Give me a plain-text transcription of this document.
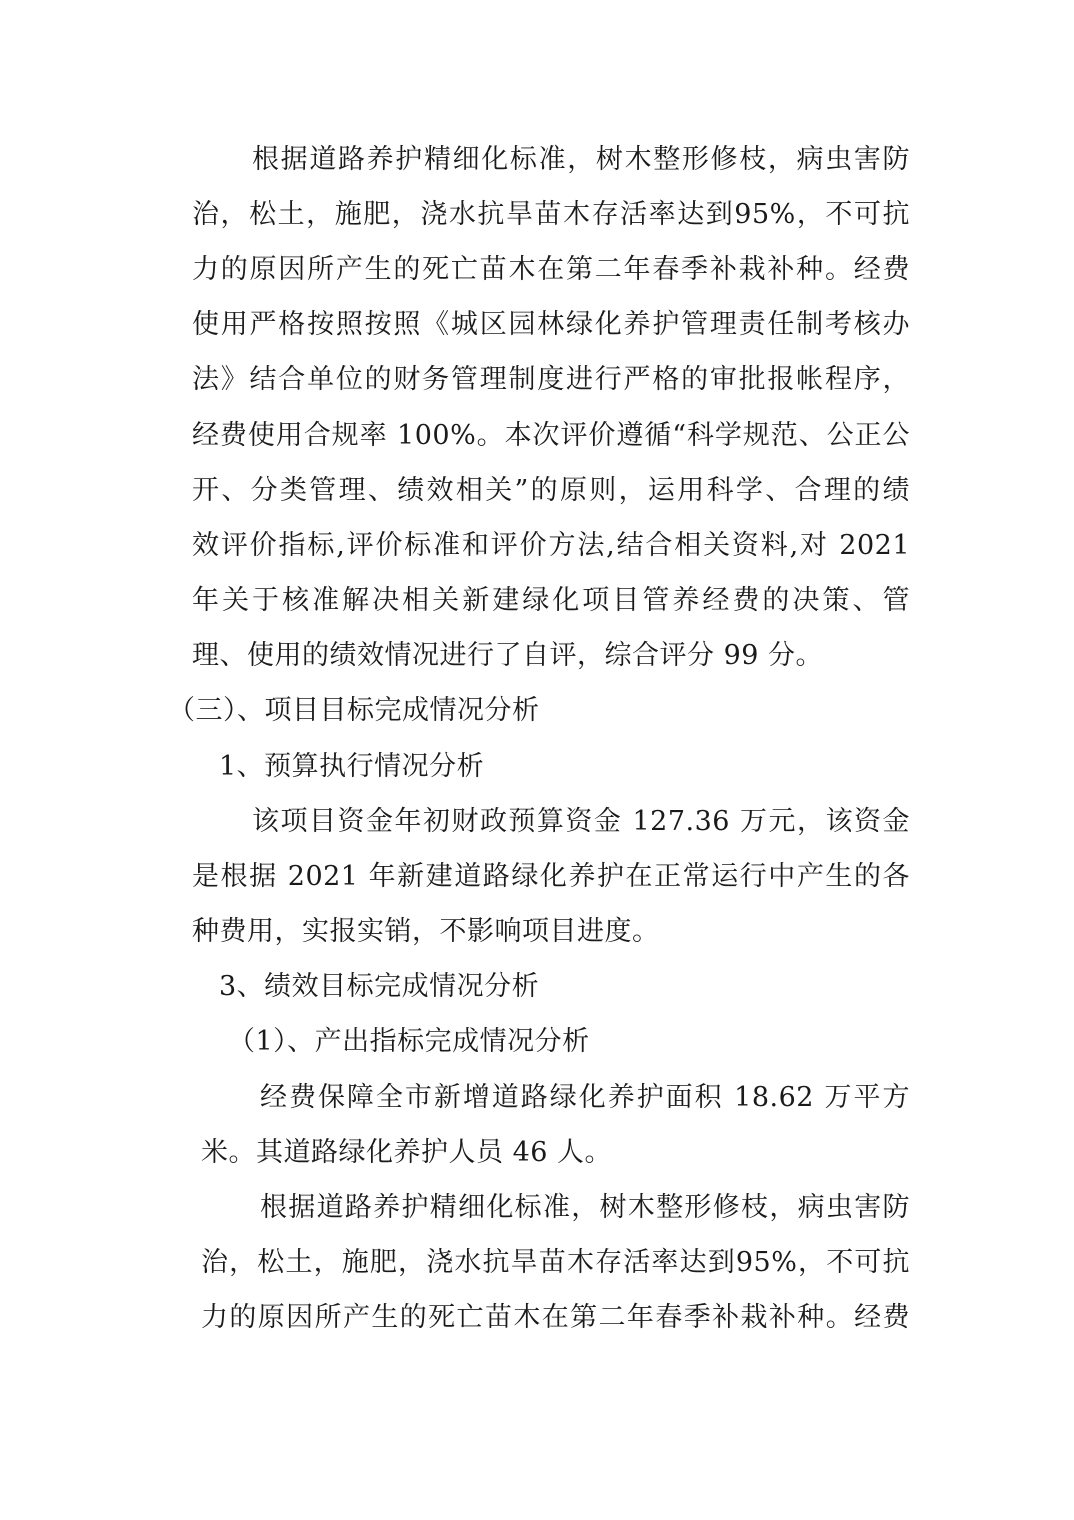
根据道路养护精细化标准，树木整形修枝，病虫害防
治，松土，施肥，浇水抗旱苗木存活率达到95%，不可抗
力的原因所产生的死亡苗木在第二年春季补栽补种。经费
使用严格按照按照《城区园林绿化养护管理责任制考核办
法》结合单位的财务管理制度进行严格的审批报帐程序，
经费使用合规率 100%。本次评价遵循“科学规范、公正公
开、分类管理、绩效相关”的原则，运用科学、合理的绩
效评价指标,评价标准和评价方法,结合相关资料,对 2021
年关于核准解决相关新建绿化项目管养经费的决策、管
理、使用的绩效情况进行了自评，综合评分 99 分。
（三）、项目目标完成情况分析
1、预算执行情况分析
该项目资金年初财政预算资金 127.36 万元，该资金
是根据 2021 年新建道路绿化养护在正常运行中产生的各
种费用，实报实销，不影响项目进度。
3、绩效目标完成情况分析
（1）、产出指标完成情况分析
经费保障全市新增道路绿化养护面积 18.62 万平方
米。其道路绿化养护人员 46 人。
根据道路养护精细化标准，树木整形修枝，病虫害防
治，松土，施肥，浇水抗旱苗木存活率达到95%，不可抗
力的原因所产生的死亡苗木在第二年春季补栽补种。经费
